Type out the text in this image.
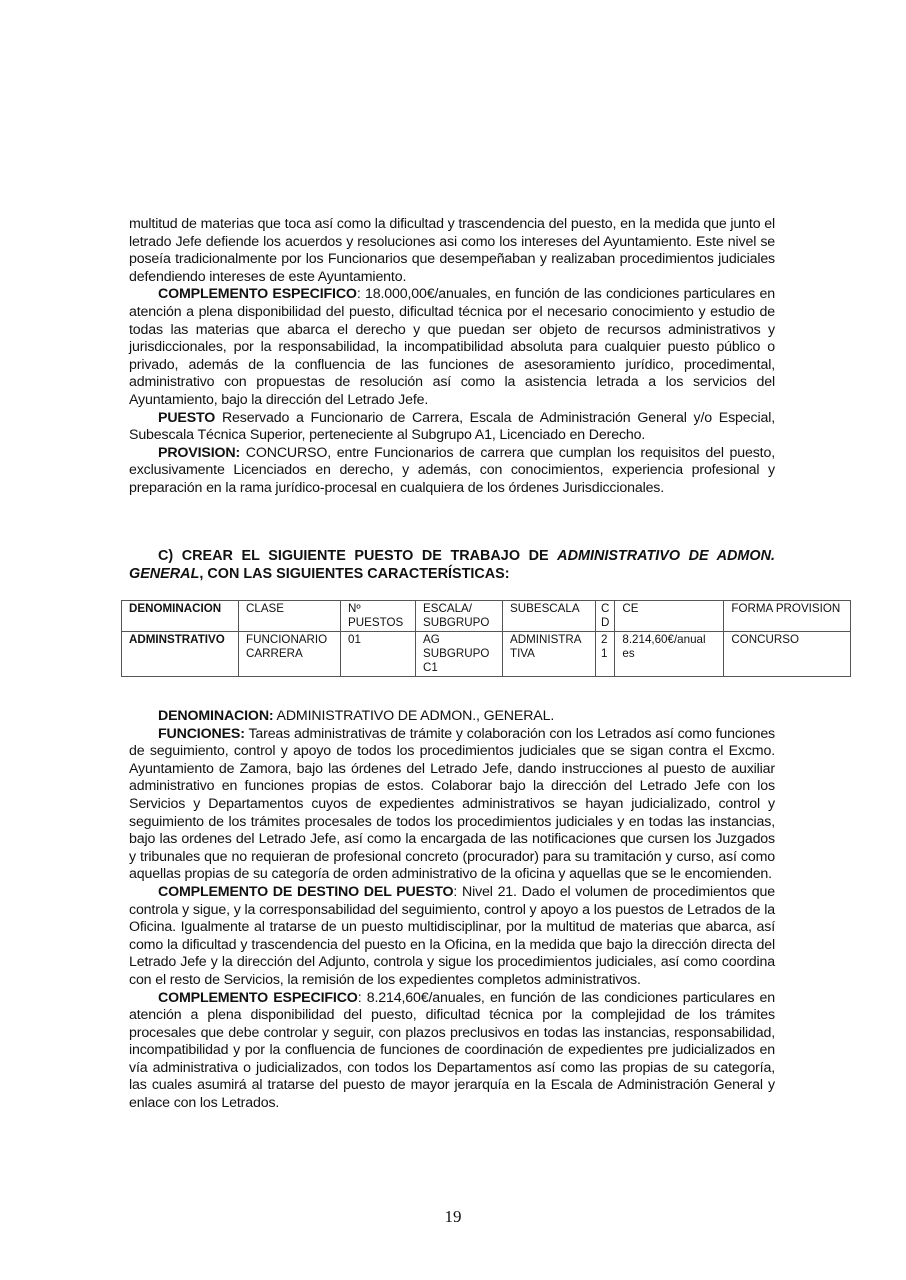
multitud de materias que toca así como la dificultad y trascendencia del puesto, en la medida que junto el letrado Jefe defiende los acuerdos y resoluciones asi como los intereses del Ayuntamiento. Este nivel se poseía tradicionalmente por los Funcionarios que desempeñaban y realizaban procedimientos judiciales defendiendo intereses de este Ayuntamiento.

COMPLEMENTO ESPECIFICO: 18.000,00€/anuales, en función de las condiciones particulares en atención a plena disponibilidad del puesto, dificultad técnica por el necesario conocimiento y estudio de todas las materias que abarca el derecho y que puedan ser objeto de recursos administrativos y jurisdiccionales, por la responsabilidad, la incompatibilidad absoluta para cualquier puesto público o privado, además de la confluencia de las funciones de asesoramiento jurídico, procedimental, administrativo con propuestas de resolución así como la asistencia letrada a los servicios del Ayuntamiento, bajo la dirección del Letrado Jefe.

PUESTO Reservado a Funcionario de Carrera, Escala de Administración General y/o Especial, Subescala Técnica Superior, perteneciente al Subgrupo A1, Licenciado en Derecho.

PROVISION: CONCURSO, entre Funcionarios de carrera que cumplan los requisitos del puesto, exclusivamente Licenciados en derecho, y además, con conocimientos, experiencia profesional y preparación en la rama jurídico-procesal en cualquiera de los órdenes Jurisdiccionales.

C) CREAR EL SIGUIENTE PUESTO DE TRABAJO DE ADMINISTRATIVO DE ADMON. GENERAL, CON LAS SIGUIENTES CARACTERÍSTICAS:

DENOMINACION	CLASE	Nº PUESTOS	ESCALA/ SUBGRUPO	SUBESCALA	C D	CE	FORMA PROVISION
ADMINSTRATIVO	FUNCIONARIO CARRERA	01	AG SUBGRUPO C1	ADMINISTRA TIVA	2 1	8.214,60€/anual es	CONCURSO

DENOMINACION: ADMINISTRATIVO DE ADMON., GENERAL.

FUNCIONES: Tareas administrativas de trámite y colaboración con los Letrados así como funciones de seguimiento, control y apoyo de todos los procedimientos judiciales que se sigan contra el Excmo. Ayuntamiento de Zamora, bajo las órdenes del Letrado Jefe, dando instrucciones al puesto de auxiliar administrativo en funciones propias de estos. Colaborar bajo la dirección del Letrado Jefe con los Servicios y Departamentos cuyos de expedientes administrativos se hayan judicializado, control y seguimiento de los trámites procesales de todos los procedimientos judiciales y en todas las instancias, bajo las ordenes del Letrado Jefe, así como la encargada de las notificaciones que cursen los Juzgados y tribunales que no requieran de profesional concreto (procurador) para su tramitación y curso, así como aquellas propias de su categoría de orden administrativo de la oficina y aquellas que se le encomienden.

COMPLEMENTO DE DESTINO DEL PUESTO: Nivel 21. Dado el volumen de procedimientos que controla y sigue, y la corresponsabilidad del seguimiento, control y apoyo a los puestos de Letrados de la Oficina. Igualmente al tratarse de un puesto multidisciplinar, por la multitud de materias que abarca, así como la dificultad y trascendencia del puesto en la Oficina, en la medida que bajo la dirección directa del Letrado Jefe y la dirección del Adjunto, controla y sigue los procedimientos judiciales, así como coordina con el resto de Servicios, la remisión de los expedientes completos administrativos.

COMPLEMENTO ESPECIFICO: 8.214,60€/anuales, en función de las condiciones particulares en atención a plena disponibilidad del puesto, dificultad técnica por la complejidad de los trámites procesales que debe controlar y seguir, con plazos preclusivos en todas las instancias, responsabilidad, incompatibilidad y por la confluencia de funciones de coordinación de expedientes pre judicializados en vía administrativa o judicializados, con todos los Departamentos así como las propias de su categoría, las cuales asumirá al tratarse del puesto de mayor jerarquía en la Escala de Administración General y enlace con los Letrados.

19
